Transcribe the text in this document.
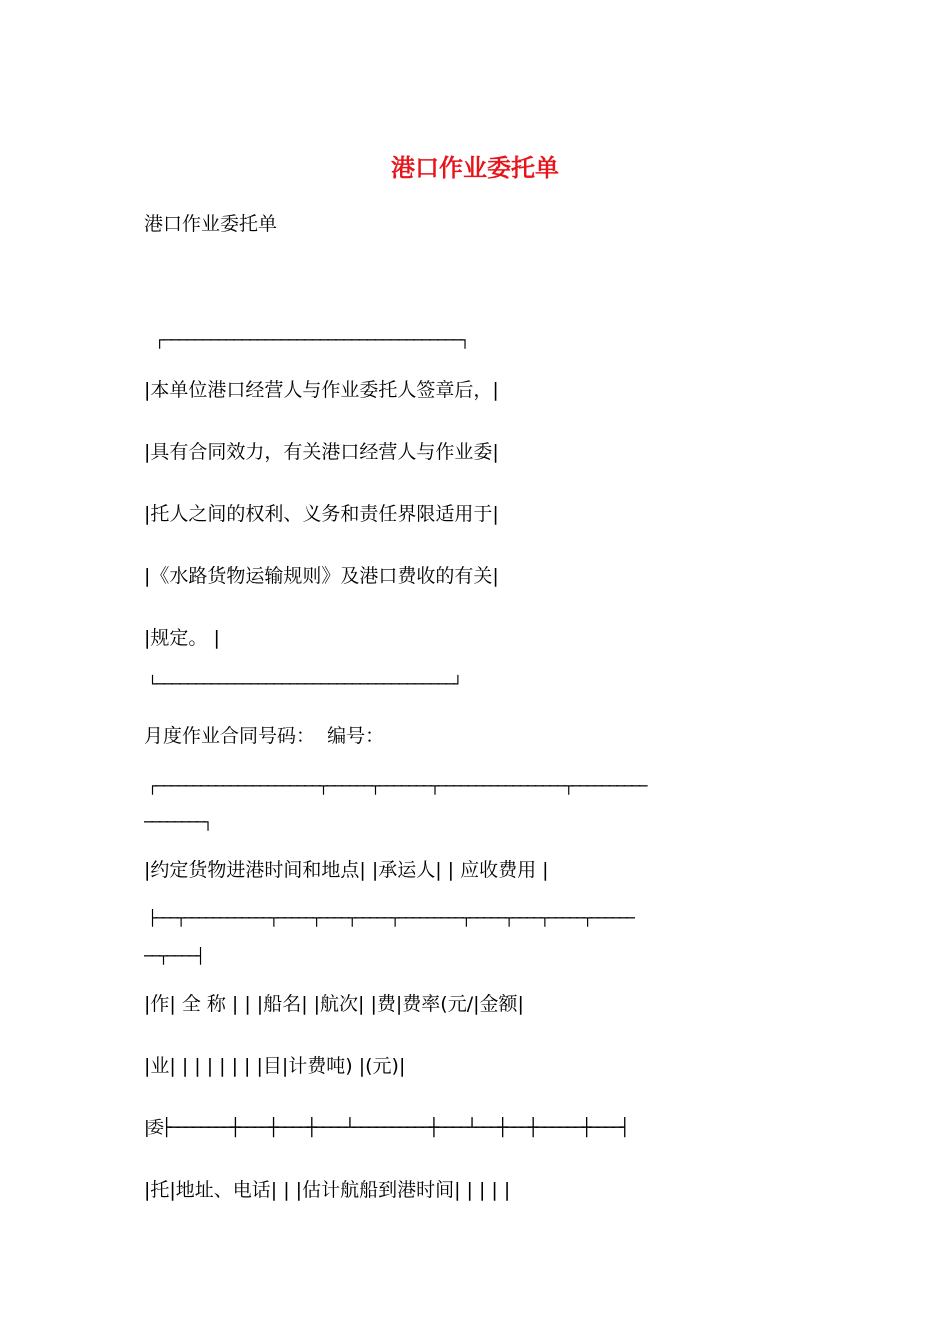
港口作业委托单
港口作业委托单
┌──────────────────────────────────────┐
|本单位港口经营人与作业委托人签章后，|
|具有合同效力，有关港口经营人与作业委|
|托人之间的权利、义务和责任界限适用于|
|《水路货物运输规则》及港口费收的有关|
|规定。 |
└──────────────────────────────────────┘
月度作业合同号码：  编号：
┌──────────────────────┬──────┬───────┬─────────────────┬──────────
────────┐
|约定货物进港时间和地点| |承运人| | 应收费用 |
├───┬────────────┬─────┬────┬─────┬─────────┬─────┬────┬─────┬──────
──┬────┤
|作| 全 称 | | |船名| |航次| |费|费率(元/|金额|
|业| | | | | | | |目|计费吨) |(元)|
|委├────────┼────┼────┼────┴──────────┼────┴───┼───┼──────┼────┤
|托|地址、电话| | |估计航船到港时间| | | | |
